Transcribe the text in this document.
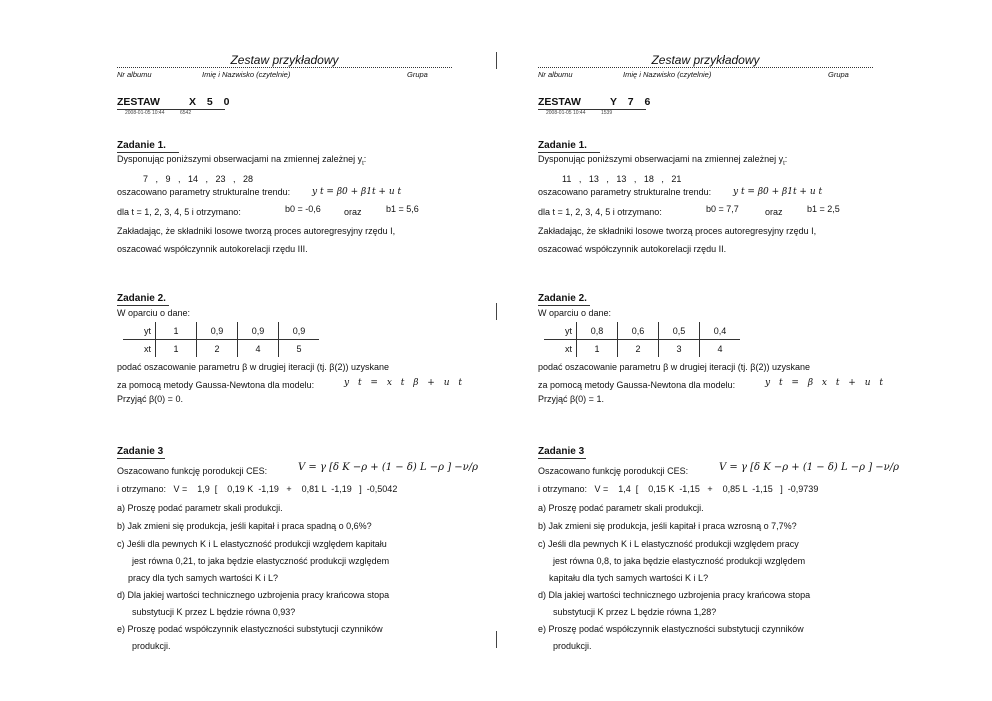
Zestaw przykładowy
Nr albumu	Imię i Nazwisko (czytelnie)	Grupa
ZESTAW	X 5 0
2008-01-05 10:44	6542
Zadanie 1.
Dysponując poniższymi obserwacjami na zmiennej zależnej $y_t$:
7   ,   9   ,   14   ,   23   ,   28
oszacowano parametry strukturalne trendu: y t = β0 + β1t + u t
dla t = 1, 2, 3, 4, 5 i otrzymano:	b0 = -0,6	oraz	b1 = 5,6
Zakładając, że składniki losowe tworzą proces autoregresyjny rzędu I,
oszacować współczynnik autokorelacji rzędu III.
Zadanie 2.
W oparciu o dane:
yt	1	0,9	0,9	0,9
xt	1	2	4	5
podać oszacowanie parametru β w drugiej iteracji (tj. β(2)) uzyskane
za pomocą metody Gaussa-Newtona dla modelu:	y t = x t β + u t
Przyjąć β(0) = 0.
Zadanie 3
Oszacowano funkcję porodukcji CES:	V = γ [δ K −ρ + (1 − δ) L −ρ ] −ν/ρ
i otrzymano:   V =    1,9  [    0,19 K  -1,19   +    0,81 L  -1,19   ]  -0,5042
a) Proszę podać parametr skali produkcji.
b) Jak zmieni się produkcja, jeśli kapitał i praca spadną o 0,6%?
c) Jeśli dla pewnych K i L elastyczność produkcji względem kapitału
jest równa 0,21, to jaka będzie elastyczność produkcji względem
pracy dla tych samych wartości K i L?
d) Dla jakiej wartości technicznego uzbrojenia pracy krańcowa stopa
substytucji K przez L będzie równa 0,93?
e) Proszę podać współczynnik elastyczności substytucji czynników
produkcji.
Zestaw przykładowy
Nr albumu	Imię i Nazwisko (czytelnie)	Grupa
ZESTAW	Y 7 6
2008-01-05 10:44	1539
Zadanie 1.
Dysponując poniższymi obserwacjami na zmiennej zależnej $y_t$:
11   ,   13   ,   13   ,   18   ,   21
oszacowano parametry strukturalne trendu: y t = β0 + β1t + u t
dla t = 1, 2, 3, 4, 5 i otrzymano:	b0 = 7,7	oraz	b1 = 2,5
Zakładając, że składniki losowe tworzą proces autoregresyjny rzędu I,
oszacować współczynnik autokorelacji rzędu II.
Zadanie 2.
W oparciu o dane:
yt	0,8	0,6	0,5	0,4
xt	1	2	3	4
podać oszacowanie parametru β w drugiej iteracji (tj. β(2)) uzyskane
za pomocą metody Gaussa-Newtona dla modelu:	y t = β x t + u t
Przyjąć β(0) = 1.
Zadanie 3
Oszacowano funkcję porodukcji CES:	V = γ [δ K −ρ + (1 − δ) L −ρ ] −ν/ρ
i otrzymano:   V =    1,4  [    0,15 K  -1,15   +    0,85 L  -1,15   ]  -0,9739
a) Proszę podać parametr skali produkcji.
b) Jak zmieni się produkcja, jeśli kapitał i praca wzrosną o 7,7%?
c) Jeśli dla pewnych K i L elastyczność produkcji względem pracy
jest równa 0,8, to jaka będzie elastyczność produkcji względem
kapitału dla tych samych wartości K i L?
d) Dla jakiej wartości technicznego uzbrojenia pracy krańcowa stopa
substytucji K przez L będzie równa 1,28?
e) Proszę podać współczynnik elastyczności substytucji czynników
produkcji.
